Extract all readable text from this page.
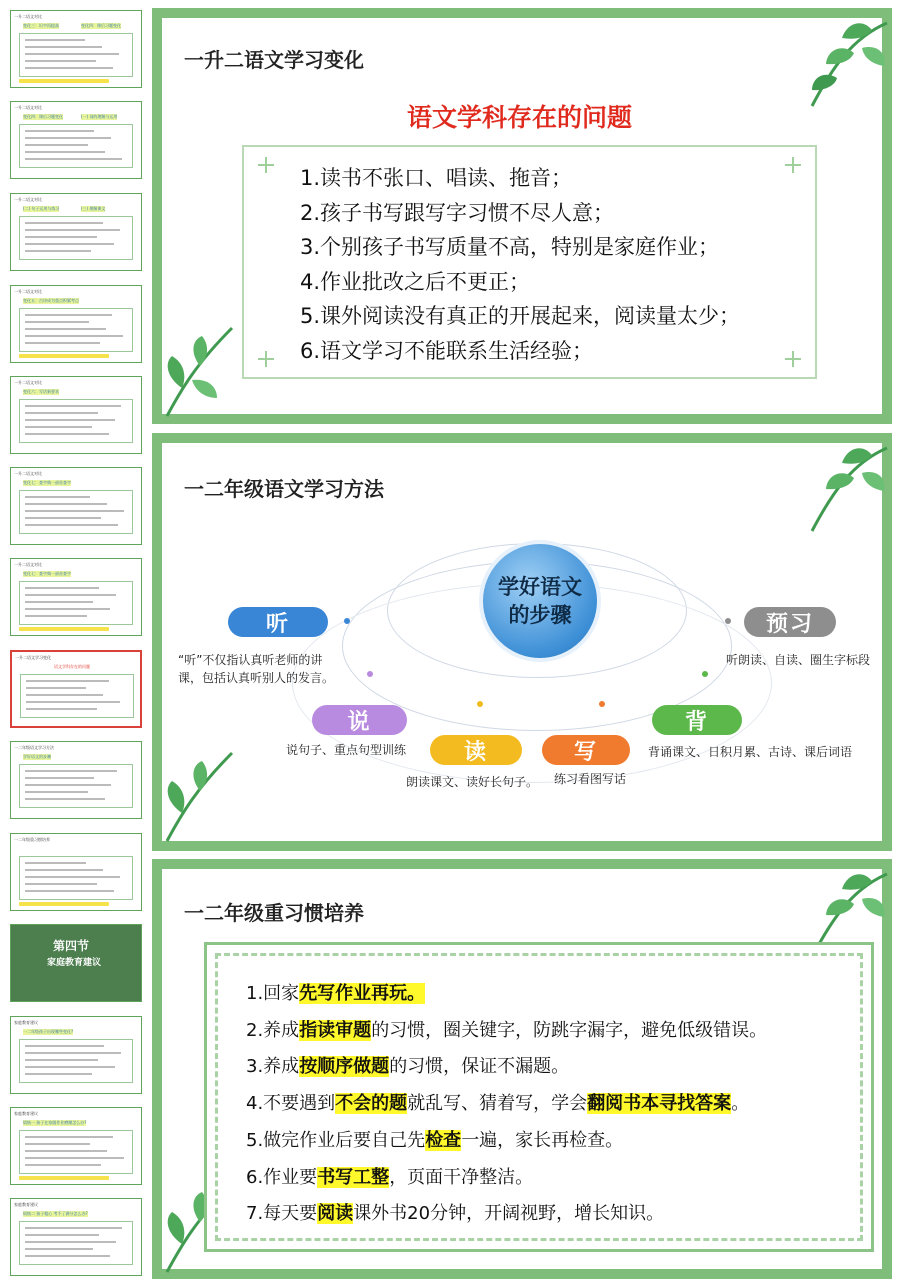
一升二语文对比
变化三：识字再提高	变化四：课后习题变化
一升二语文对比
变化四：课后习题变化	(一) 词的理解与运用
一升二语文对比
(二) 句子运用与练习	(三) 理解课文
一升二语文对比
变化五：古诗成为重点积累考点
一升二语文对比
变化六：写话新要求
一升二语文对比
变化七：查字典一部首查字
一升二语文对比
变化七：查字典一部首查字
一升二语文学习变化
语文学科存在的问题
一二年级语文学习方法
学好语文的步骤
一二年级重习惯培养
第四节
家庭教育建议
家庭教育建议
一二年级孩子出现哪些变化?
家庭教育建议
烦恼一 孩子在家做作业磨蹭怎么办?
家庭教育建议
烦恼二 孩子粗心 考不了满分怎么办?
一升二语文学习变化
语文学科存在的问题
1.读书不张口、唱读、拖音；
2.孩子书写跟写字习惯不尽人意；
3.个别孩子书写质量不高，特别是家庭作业；
4.作业批改之后不更正；
5.课外阅读没有真正的开展起来，阅读量太少；
6.语文学习不能联系生活经验；
一二年级语文学习方法
学好语文
的步骤
听
“听”不仅指认真听老师的讲
课，包括认真听别人的发言。
预习
听朗读、自读、圈生字标段
说
说句子、重点句型训练	读
朗读课文、读好长句子。
写
练习看图写话
背
背诵课文、日积月累、古诗、课后词语
一二年级重习惯培养
1.回家先写作业再玩。
2.养成指读审题的习惯，圈关键字，防跳字漏字，避免低级错误。
3.养成按顺序做题的习惯，保证不漏题。
4.不要遇到不会的题就乱写、猜着写，学会翻阅书本寻找答案。
5.做完作业后要自己先检查一遍，家长再检查。
6.作业要书写工整，页面干净整洁。
7.每天要阅读课外书20分钟，开阔视野，增长知识。
